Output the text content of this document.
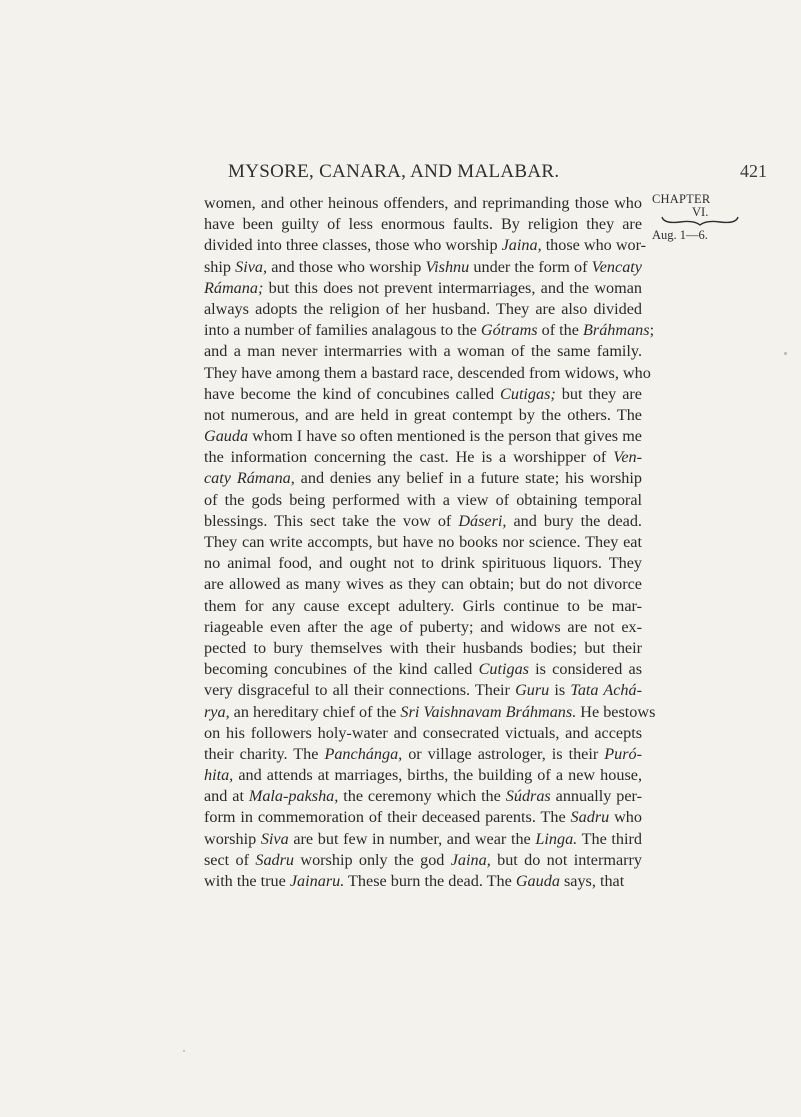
MYSORE, CANARA, AND MALABAR.	421
CHAPTER
VI.
Aug. 1—6.
women, and other heinous offenders, and reprimanding those who
have been guilty of less enormous faults. By religion they are
divided into three classes, those who worship Jaina, those who wor-
ship Siva, and those who worship Vishnu under the form of Vencaty
Rámana; but this does not prevent intermarriages, and the woman
always adopts the religion of her husband. They are also divided
into a number of families analagous to the Gótrams of the Bráhmans;
and a man never intermarries with a woman of the same family.
They have among them a bastard race, descended from widows, who
have become the kind of concubines called Cutigas; but they are
not numerous, and are held in great contempt by the others. The
Gauda whom I have so often mentioned is the person that gives me
the information concerning the cast. He is a worshipper of Ven-
caty Rámana, and denies any belief in a future state; his worship
of the gods being performed with a view of obtaining temporal
blessings. This sect take the vow of Dáseri, and bury the dead.
They can write accompts, but have no books nor science. They eat
no animal food, and ought not to drink spirituous liquors. They
are allowed as many wives as they can obtain; but do not divorce
them for any cause except adultery. Girls continue to be mar-
riageable even after the age of puberty; and widows are not ex-
pected to bury themselves with their husbands bodies; but their
becoming concubines of the kind called Cutigas is considered as
very disgraceful to all their connections. Their Guru is Tata Achá-
rya, an hereditary chief of the Sri Vaishnavam Bráhmans. He bestows
on his followers holy-water and consecrated victuals, and accepts
their charity. The Panchánga, or village astrologer, is their Puró-
hita, and attends at marriages, births, the building of a new house,
and at Mala-paksha, the ceremony which the Súdras annually per-
form in commemoration of their deceased parents. The Sadru who
worship Siva are but few in number, and wear the Linga. The third
sect of Sadru worship only the god Jaina, but do not intermarry
with the true Jainaru. These burn the dead. The Gauda says, that
